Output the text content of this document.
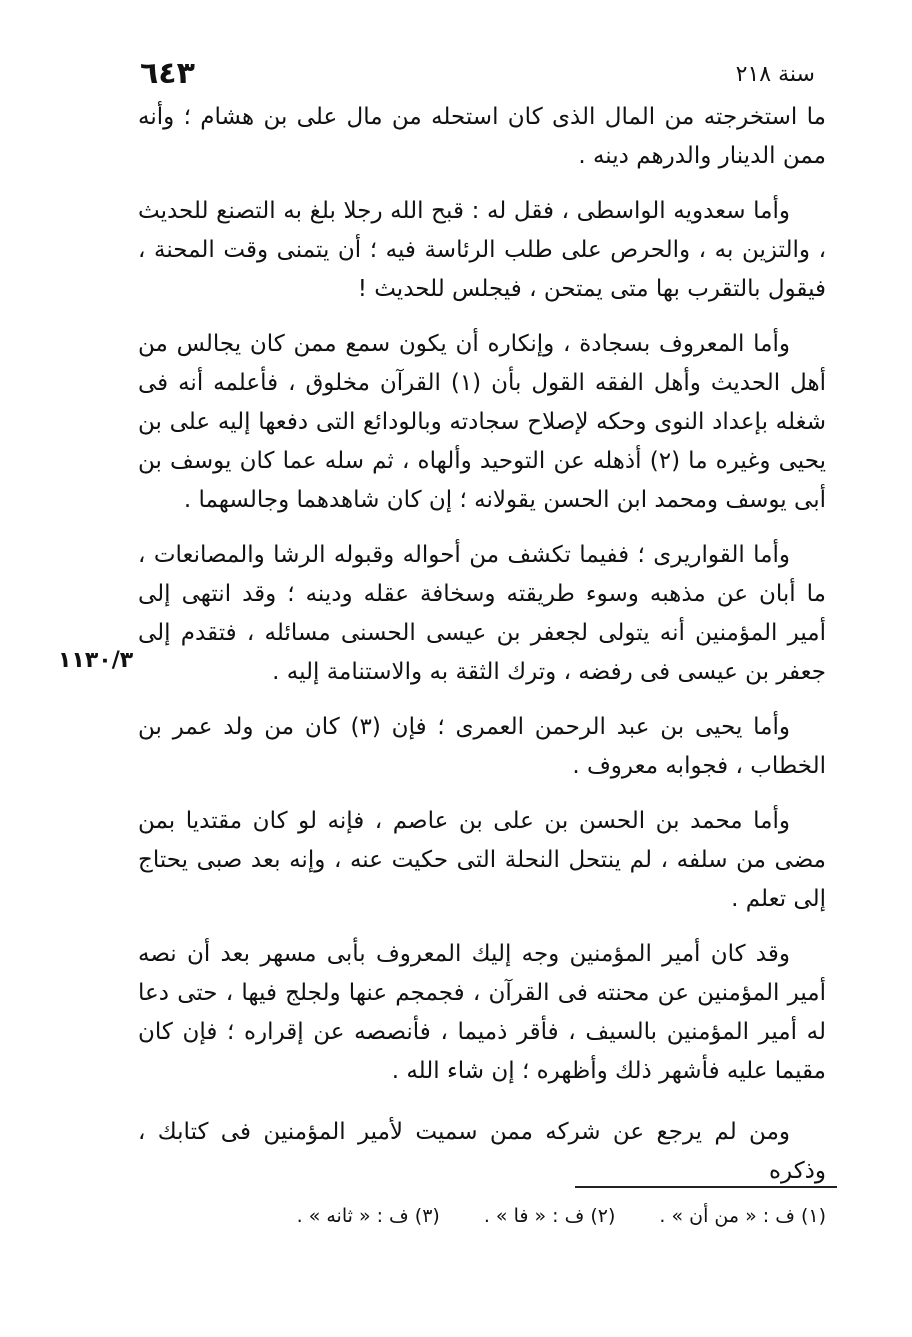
٦٤٣	سنة ٢١٨
١١٣٠/٣

ما استخرجته من المال الذى كان استحله من مال على بن هشام ؛ وأنه ممن الدينار والدرهم دينه .

وأما سعدويه الواسطى ، فقل له : قبح الله رجلا بلغ به التصنع للحديث ، والتزين به ، والحرص على طلب الرئاسة فيه ؛ أن يتمنى وقت المحنة ، فيقول بالتقرب بها متى يمتحن ، فيجلس للحديث !

وأما المعروف بسجادة ، وإنكاره أن يكون سمع ممن كان يجالس من أهل الحديث وأهل الفقه القول بأن (١) القرآن مخلوق ، فأعلمه أنه فى شغله بإعداد النوى وحكه لإصلاح سجادته وبالودائع التى دفعها إليه على بن يحيى وغيره ما (٢) أذهله عن التوحيد وألهاه ، ثم سله عما كان يوسف بن أبى يوسف ومحمد ابن الحسن يقولانه ؛ إن كان شاهدهما وجالسهما .

وأما القواريرى ؛ ففيما تكشف من أحواله وقبوله الرشا والمصانعات ، ما أبان عن مذهبه وسوء طريقته وسخافة عقله ودينه ؛ وقد انتهى إلى أمير المؤمنين أنه يتولى لجعفر بن عيسى الحسنى مسائله ، فتقدم إلى جعفر بن عيسى فى رفضه ، وترك الثقة به والاستنامة إليه .

وأما يحيى بن عبد الرحمن العمرى ؛ فإن (٣) كان من ولد عمر بن الخطاب ، فجوابه معروف .

وأما محمد بن الحسن بن على بن عاصم ، فإنه لو كان مقتديا بمن مضى من سلفه ، لم ينتحل النحلة التى حكيت عنه ، وإنه بعد صبى يحتاج إلى تعلم .

وقد كان أمير المؤمنين وجه إليك المعروف بأبى مسهر بعد أن نصه أمير المؤمنين عن محنته فى القرآن ، فجمجم عنها ولجلج فيها ، حتى دعا له أمير المؤمنين بالسيف ، فأقر ذميما ، فأنصصه عن إقراره ؛ فإن كان مقيما عليه فأشهر ذلك وأظهره ؛ إن شاء الله .

ومن لم يرجع عن شركه ممن سميت لأمير المؤمنين فى كتابك ، وذكره

(١) ف : « من أن » .
(٢) ف : « فا » .
(٣) ف : « ثانه » .
